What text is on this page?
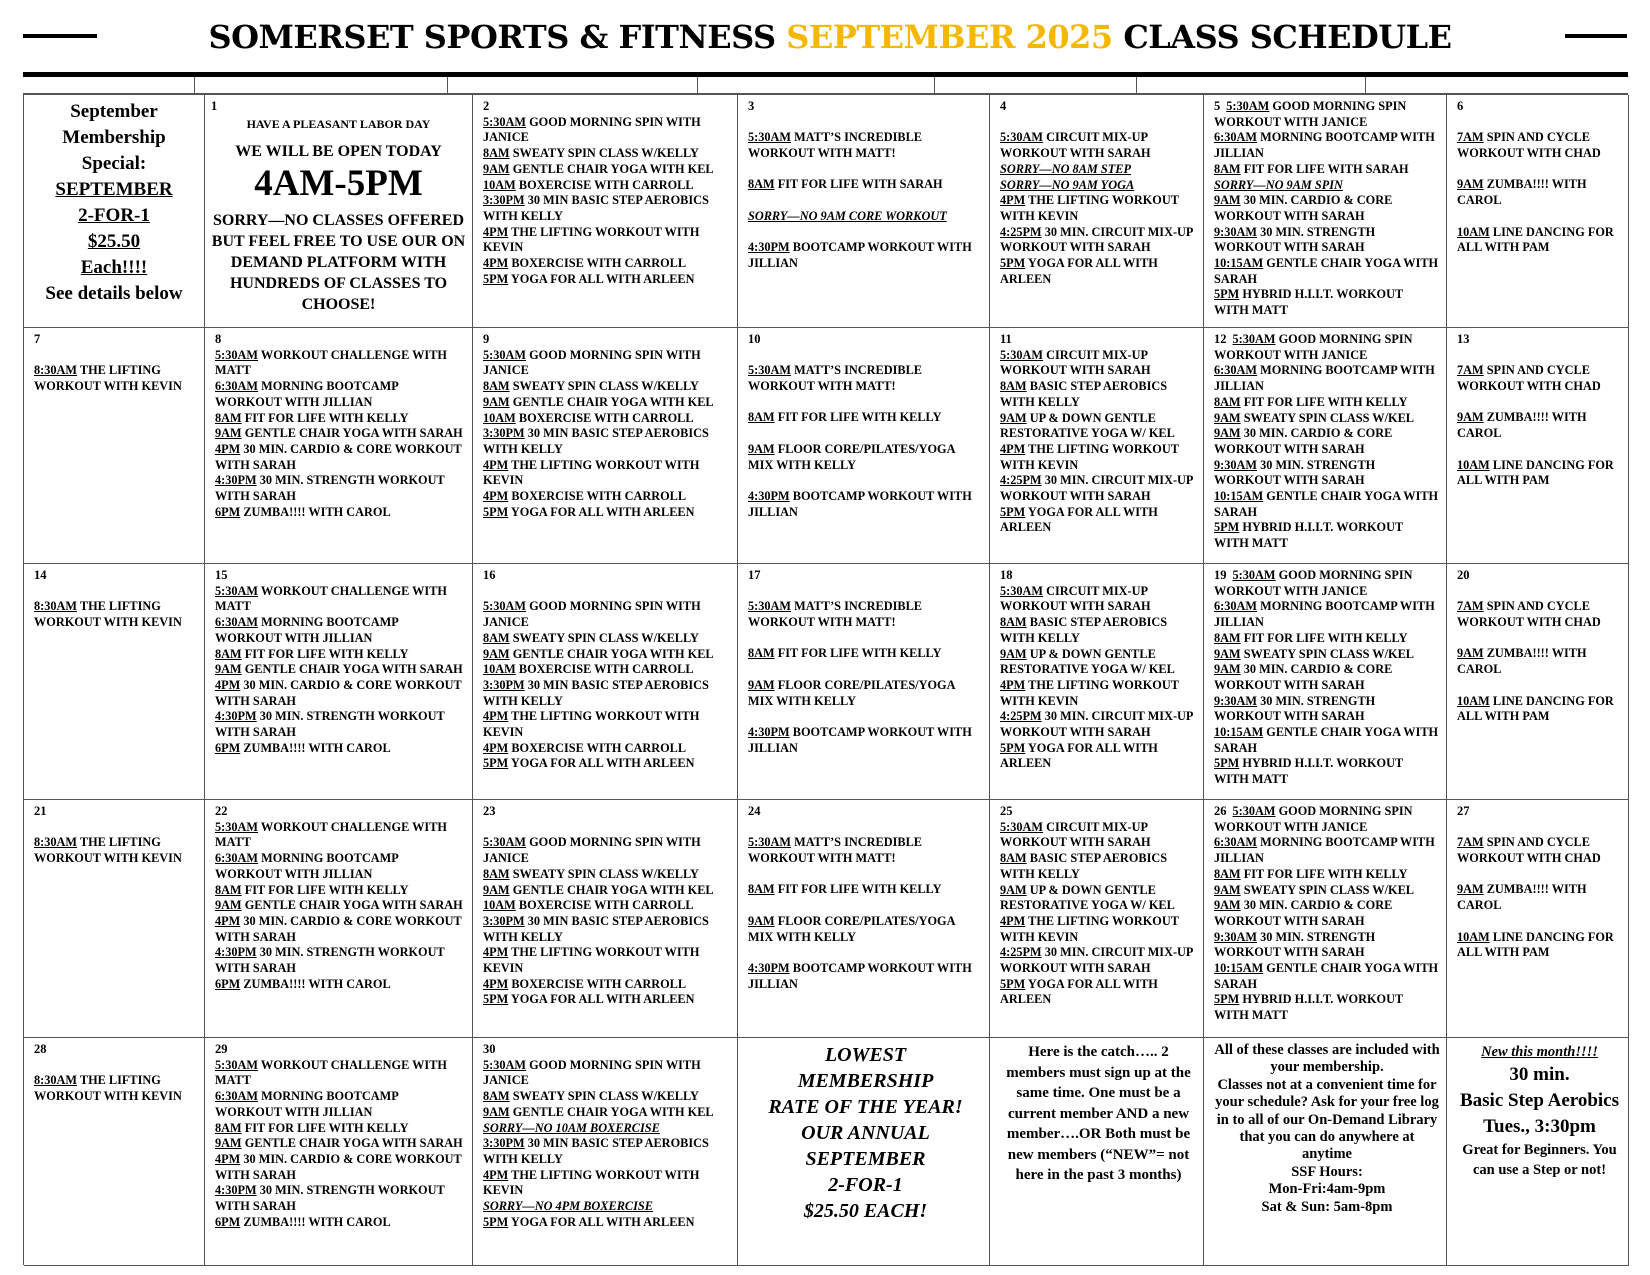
SOMERSET SPORTS & FITNESS SEPTEMBER 2025 CLASS SCHEDULE
September
Membership
Special:
SEPTEMBER
2-FOR-1
$25.50
Each!!!!
See details below
1
HAVE A PLEASANT LABOR DAY
WE WILL BE OPEN TODAY
4AM-5PM
SORRY—NO CLASSES OFFERED BUT FEEL FREE TO USE OUR ON DEMAND PLATFORM WITH HUNDREDS OF CLASSES TO CHOOSE!
2
5:30AM GOOD MORNING SPIN WITH JANICE
8AM SWEATY SPIN CLASS W/KELLY
9AM GENTLE CHAIR YOGA WITH KEL
10AM BOXERCISE WITH CARROLL
3:30PM 30 MIN BASIC STEP AEROBICS WITH KELLY
4PM THE LIFTING WORKOUT WITH KEVIN
4PM BOXERCISE WITH CARROLL
5PM YOGA FOR ALL WITH ARLEEN
3
5:30AM MATT’S INCREDIBLE WORKOUT WITH MATT!
8AM FIT FOR LIFE WITH SARAH
SORRY—NO 9AM CORE WORKOUT
4:30PM BOOTCAMP WORKOUT WITH JILLIAN
4
5:30AM CIRCUIT MIX-UP WORKOUT WITH SARAH
SORRY—NO 8AM STEP
SORRY—NO 9AM YOGA
4PM THE LIFTING WORKOUT WITH KEVIN
4:25PM 30 MIN. CIRCUIT MIX-UP WORKOUT WITH SARAH
5PM YOGA FOR ALL WITH ARLEEN
5 5:30AM GOOD MORNING SPIN WORKOUT WITH JANICE
6:30AM MORNING BOOTCAMP WITH JILLIAN
8AM FIT FOR LIFE WITH SARAH
SORRY—NO 9AM SPIN
9AM 30 MIN. CARDIO & CORE WORKOUT WITH SARAH
9:30AM 30 MIN. STRENGTH WORKOUT WITH SARAH
10:15AM GENTLE CHAIR YOGA WITH SARAH
5PM HYBRID H.I.I.T. WORKOUT WITH MATT
6
7AM SPIN AND CYCLE WORKOUT WITH CHAD
9AM ZUMBA!!!! WITH CAROL
10AM LINE DANCING FOR ALL WITH PAM
7
8:30AM THE LIFTING WORKOUT WITH KEVIN
8
5:30AM WORKOUT CHALLENGE WITH MATT
6:30AM MORNING BOOTCAMP WORKOUT WITH JILLIAN
8AM FIT FOR LIFE WITH KELLY
9AM GENTLE CHAIR YOGA WITH SARAH
4PM 30 MIN. CARDIO & CORE WORKOUT WITH SARAH
4:30PM 30 MIN. STRENGTH WORKOUT WITH SARAH
6PM ZUMBA!!!! WITH CAROL
9
5:30AM GOOD MORNING SPIN WITH JANICE
8AM SWEATY SPIN CLASS W/KELLY
9AM GENTLE CHAIR YOGA WITH KEL
10AM BOXERCISE WITH CARROLL
3:30PM 30 MIN BASIC STEP AEROBICS WITH KELLY
4PM THE LIFTING WORKOUT WITH KEVIN
4PM BOXERCISE WITH CARROLL
5PM YOGA FOR ALL WITH ARLEEN
10
5:30AM MATT’S INCREDIBLE WORKOUT WITH MATT!
8AM FIT FOR LIFE WITH KELLY
9AM FLOOR CORE/PILATES/YOGA MIX WITH KELLY
4:30PM BOOTCAMP WORKOUT WITH JILLIAN
11
5:30AM CIRCUIT MIX-UP WORKOUT WITH SARAH
8AM BASIC STEP AEROBICS WITH KELLY
9AM UP & DOWN GENTLE RESTORATIVE YOGA W/ KEL
4PM THE LIFTING WORKOUT WITH KEVIN
4:25PM 30 MIN. CIRCUIT MIX-UP WORKOUT WITH SARAH
5PM YOGA FOR ALL WITH ARLEEN
12 5:30AM GOOD MORNING SPIN WORKOUT WITH JANICE
6:30AM MORNING BOOTCAMP WITH JILLIAN
8AM FIT FOR LIFE WITH KELLY
9AM SWEATY SPIN CLASS W/KEL
9AM 30 MIN. CARDIO & CORE WORKOUT WITH SARAH
9:30AM 30 MIN. STRENGTH WORKOUT WITH SARAH
10:15AM GENTLE CHAIR YOGA WITH SARAH
5PM HYBRID H.I.I.T. WORKOUT WITH MATT
13
7AM SPIN AND CYCLE WORKOUT WITH CHAD
9AM ZUMBA!!!! WITH CAROL
10AM LINE DANCING FOR ALL WITH PAM
14
8:30AM THE LIFTING WORKOUT WITH KEVIN
15
5:30AM WORKOUT CHALLENGE WITH MATT
6:30AM MORNING BOOTCAMP WORKOUT WITH JILLIAN
8AM FIT FOR LIFE WITH KELLY
9AM GENTLE CHAIR YOGA WITH SARAH
4PM 30 MIN. CARDIO & CORE WORKOUT WITH SARAH
4:30PM 30 MIN. STRENGTH WORKOUT WITH SARAH
6PM ZUMBA!!!! WITH CAROL
16
5:30AM GOOD MORNING SPIN WITH JANICE
8AM SWEATY SPIN CLASS W/KELLY
9AM GENTLE CHAIR YOGA WITH KEL
10AM BOXERCISE WITH CARROLL
3:30PM 30 MIN BASIC STEP AEROBICS WITH KELLY
4PM THE LIFTING WORKOUT WITH KEVIN
4PM BOXERCISE WITH CARROLL
5PM YOGA FOR ALL WITH ARLEEN
17
5:30AM MATT’S INCREDIBLE WORKOUT WITH MATT!
8AM FIT FOR LIFE WITH KELLY
9AM FLOOR CORE/PILATES/YOGA MIX WITH KELLY
4:30PM BOOTCAMP WORKOUT WITH JILLIAN
18
5:30AM CIRCUIT MIX-UP WORKOUT WITH SARAH
8AM BASIC STEP AEROBICS WITH KELLY
9AM UP & DOWN GENTLE RESTORATIVE YOGA W/ KEL
4PM THE LIFTING WORKOUT WITH KEVIN
4:25PM 30 MIN. CIRCUIT MIX-UP WORKOUT WITH SARAH
5PM YOGA FOR ALL WITH ARLEEN
19 5:30AM GOOD MORNING SPIN WORKOUT WITH JANICE
6:30AM MORNING BOOTCAMP WITH JILLIAN
8AM FIT FOR LIFE WITH KELLY
9AM SWEATY SPIN CLASS W/KEL
9AM 30 MIN. CARDIO & CORE WORKOUT WITH SARAH
9:30AM 30 MIN. STRENGTH WORKOUT WITH SARAH
10:15AM GENTLE CHAIR YOGA WITH SARAH
5PM HYBRID H.I.I.T. WORKOUT WITH MATT
20
7AM SPIN AND CYCLE WORKOUT WITH CHAD
9AM ZUMBA!!!! WITH CAROL
10AM LINE DANCING FOR ALL WITH PAM
21
8:30AM THE LIFTING WORKOUT WITH KEVIN
22
5:30AM WORKOUT CHALLENGE WITH MATT
6:30AM MORNING BOOTCAMP WORKOUT WITH JILLIAN
8AM FIT FOR LIFE WITH KELLY
9AM GENTLE CHAIR YOGA WITH SARAH
4PM 30 MIN. CARDIO & CORE WORKOUT WITH SARAH
4:30PM 30 MIN. STRENGTH WORKOUT WITH SARAH
6PM ZUMBA!!!! WITH CAROL
23
5:30AM GOOD MORNING SPIN WITH JANICE
8AM SWEATY SPIN CLASS W/KELLY
9AM GENTLE CHAIR YOGA WITH KEL
10AM BOXERCISE WITH CARROLL
3:30PM 30 MIN BASIC STEP AEROBICS WITH KELLY
4PM THE LIFTING WORKOUT WITH KEVIN
4PM BOXERCISE WITH CARROLL
5PM YOGA FOR ALL WITH ARLEEN
24
5:30AM MATT’S INCREDIBLE WORKOUT WITH MATT!
8AM FIT FOR LIFE WITH KELLY
9AM FLOOR CORE/PILATES/YOGA MIX WITH KELLY
4:30PM BOOTCAMP WORKOUT WITH JILLIAN
25
5:30AM CIRCUIT MIX-UP WORKOUT WITH SARAH
8AM BASIC STEP AEROBICS WITH KELLY
9AM UP & DOWN GENTLE RESTORATIVE YOGA W/ KEL
4PM THE LIFTING WORKOUT WITH KEVIN
4:25PM 30 MIN. CIRCUIT MIX-UP WORKOUT WITH SARAH
5PM YOGA FOR ALL WITH ARLEEN
26 5:30AM GOOD MORNING SPIN WORKOUT WITH JANICE
6:30AM MORNING BOOTCAMP WITH JILLIAN
8AM FIT FOR LIFE WITH KELLY
9AM SWEATY SPIN CLASS W/KEL
9AM 30 MIN. CARDIO & CORE WORKOUT WITH SARAH
9:30AM 30 MIN. STRENGTH WORKOUT WITH SARAH
10:15AM GENTLE CHAIR YOGA WITH SARAH
5PM HYBRID H.I.I.T. WORKOUT WITH MATT
27
7AM SPIN AND CYCLE WORKOUT WITH CHAD
9AM ZUMBA!!!! WITH CAROL
10AM LINE DANCING FOR ALL WITH PAM
28
8:30AM THE LIFTING WORKOUT WITH KEVIN
29
5:30AM WORKOUT CHALLENGE WITH MATT
6:30AM MORNING BOOTCAMP WORKOUT WITH JILLIAN
8AM FIT FOR LIFE WITH KELLY
9AM GENTLE CHAIR YOGA WITH SARAH
4PM 30 MIN. CARDIO & CORE WORKOUT WITH SARAH
4:30PM 30 MIN. STRENGTH WORKOUT WITH SARAH
6PM ZUMBA!!!! WITH CAROL
30
5:30AM GOOD MORNING SPIN WITH JANICE
8AM SWEATY SPIN CLASS W/KELLY
9AM GENTLE CHAIR YOGA WITH KEL
SORRY—NO 10AM BOXERCISE
3:30PM 30 MIN BASIC STEP AEROBICS WITH KELLY
4PM THE LIFTING WORKOUT WITH KEVIN
SORRY—NO 4PM BOXERCISE
5PM YOGA FOR ALL WITH ARLEEN
LOWEST
MEMBERSHIP
RATE OF THE YEAR!
OUR ANNUAL
SEPTEMBER
2-FOR-1
$25.50 EACH!
Here is the catch….. 2 members must sign up at the same time. One must be a current member AND a new member….OR Both must be new members (“NEW”= not here in the past 3 months)
All of these classes are included with your membership.
Classes not at a convenient time for your schedule? Ask for your free log in to all of our On-Demand Library that you can do anywhere at anytime
SSF Hours:
Mon-Fri:4am-9pm
Sat & Sun: 5am-8pm
New this month!!!!
30 min.
Basic Step Aerobics
Tues., 3:30pm
Great for Beginners. You can use a Step or not!
